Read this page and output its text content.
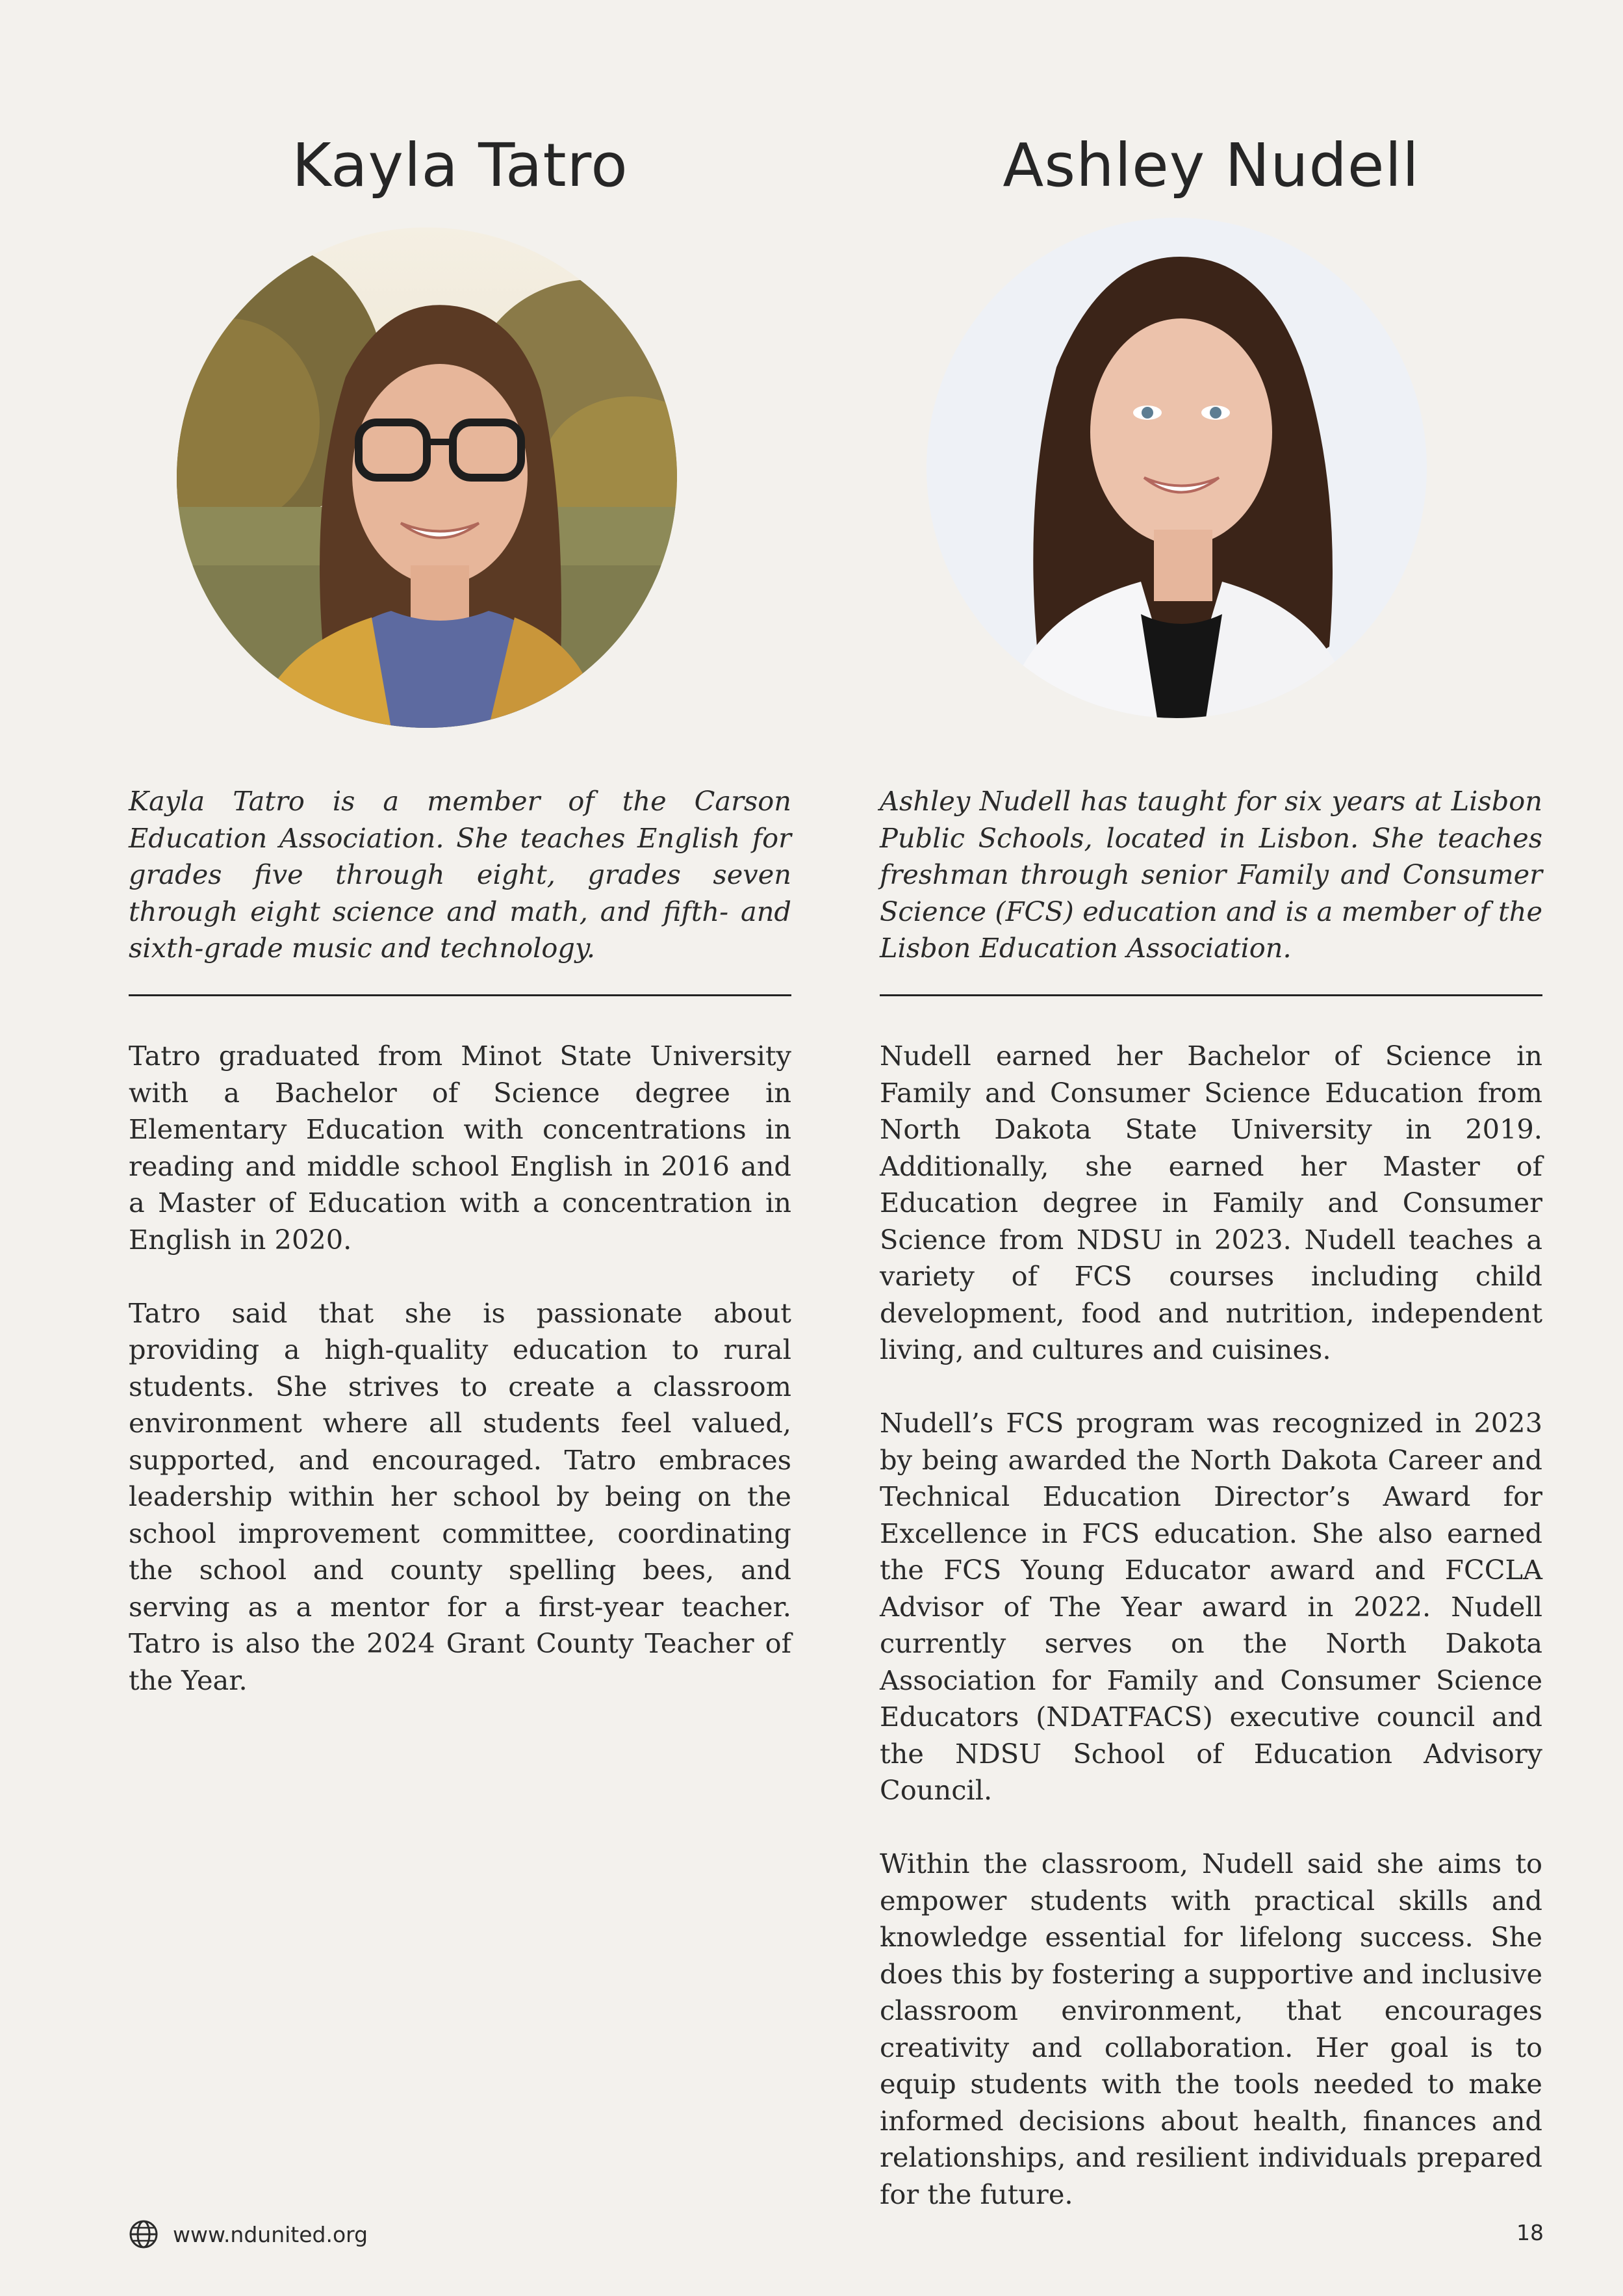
Kayla Tatro

Kayla Tatro is a member of the Carson Education Association. She teaches English for grades five through eight, grades seven through eight science and math, and fifth- and sixth-grade music and technology.

Tatro graduated from Minot State University with a Bachelor of Science degree in Elementary Education with concentrations in reading and middle school English in 2016 and a Master of Education with a concentration in English in 2020.

Tatro said that she is passionate about providing a high-quality education to rural students. She strives to create a classroom environment where all students feel valued, supported, and encouraged. Tatro embraces leadership within her school by being on the school improvement committee, coordinating the school and county spelling bees, and serving as a mentor for a first-year teacher. Tatro is also the 2024 Grant County Teacher of the Year.

Ashley Nudell

Ashley Nudell has taught for six years at Lisbon Public Schools, located in Lisbon. She teaches freshman through senior Family and Consumer Science (FCS) education and is a member of the Lisbon Education Association.

Nudell earned her Bachelor of Science in Family and Consumer Science Education from North Dakota State University in 2019. Additionally, she earned her Master of Education degree in Family and Consumer Science from NDSU in 2023. Nudell teaches a variety of FCS courses including child development, food and nutrition, independent living, and cultures and cuisines.

Nudell’s FCS program was recognized in 2023 by being awarded the North Dakota Career and Technical Education Director’s Award for Excellence in FCS education. She also earned the FCS Young Educator award and FCCLA Advisor of The Year award in 2022. Nudell currently serves on the North Dakota Association for Family and Consumer Science Educators (NDATFACS) executive council and the NDSU School of Education Advisory Council.

Within the classroom, Nudell said she aims to empower students with practical skills and knowledge essential for lifelong success. She does this by fostering a supportive and inclusive classroom environment, that encourages creativity and collaboration. Her goal is to equip students with the tools needed to make informed decisions about health, finances and relationships, and resilient individuals prepared for the future.

www.ndunited.org	18
